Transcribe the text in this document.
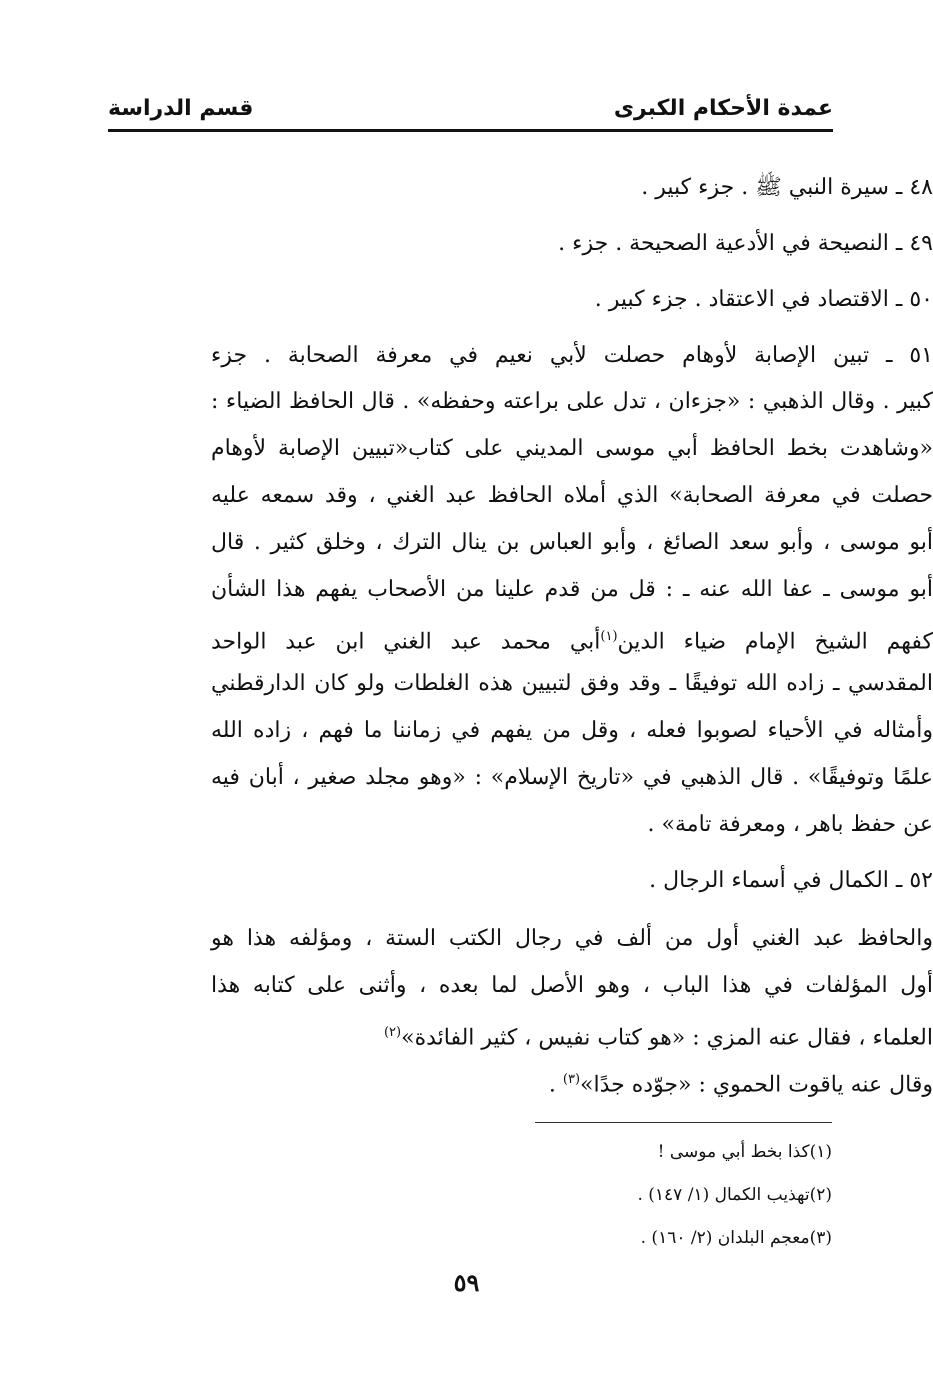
عمدة الأحكام الكبرى
قسم الدراسة
٤٨ ـ سيرة النبي ﷺ . جزء كبير .
٤٩ ـ النصيحة في الأدعية الصحيحة . جزء .
٥٠ ـ الاقتصاد في الاعتقاد . جزء كبير .
٥١ ـ تبين الإصابة لأوهام حصلت لأبي نعيم في معرفة الصحابة . جزء
كبير . وقال الذهبي : «جزءان ، تدل على براعته وحفظه» . قال الحافظ الضياء :
«وشاهدت بخط الحافظ أبي موسى المديني على كتاب«تبيين الإصابة لأوهام
حصلت في معرفة الصحابة» الذي أملاه الحافظ عبد الغني ، وقد سمعه عليه
أبو موسى ، وأبو سعد الصائغ ، وأبو العباس بن ينال الترك ، وخلق كثير . قال
أبو موسى ـ عفا الله عنه ـ : قل من قدم علينا من الأصحاب يفهم هذا الشأن
كفهم الشيخ الإمام ضياء الدين$^{(١)}$أبي محمد عبد الغني ابن عبد الواحد
المقدسي ـ زاده الله توفيقًا ـ وقد وفق لتبيين هذه الغلطات ولو كان الدارقطني
وأمثاله في الأحياء لصوبوا فعله ، وقل من يفهم في زماننا ما فهم ، زاده الله
علمًا وتوفيقًا» . قال الذهبي في «تاريخ الإسلام» : «وهو مجلد صغير ، أبان فيه
عن حفظ باهر ، ومعرفة تامة» .
٥٢ ـ الكمال في أسماء الرجال .
والحافظ عبد الغني أول من ألف في رجال الكتب الستة ، ومؤلفه هذا هو
أول المؤلفات في هذا الباب ، وهو الأصل لما بعده ، وأثنى على كتابه هذا
العلماء ، فقال عنه المزي : «هو كتاب نفيس ، كثير الفائدة»$^{(٢)}$
وقال عنه ياقوت الحموي : «جوّده جدًا»$^{(٣)}$ .
(١)كذا بخط أبي موسى !
(٢)تهذيب الكمال (١/ ١٤٧) .
(٣)معجم البلدان (٢/ ١٦٠) .
٥٩
